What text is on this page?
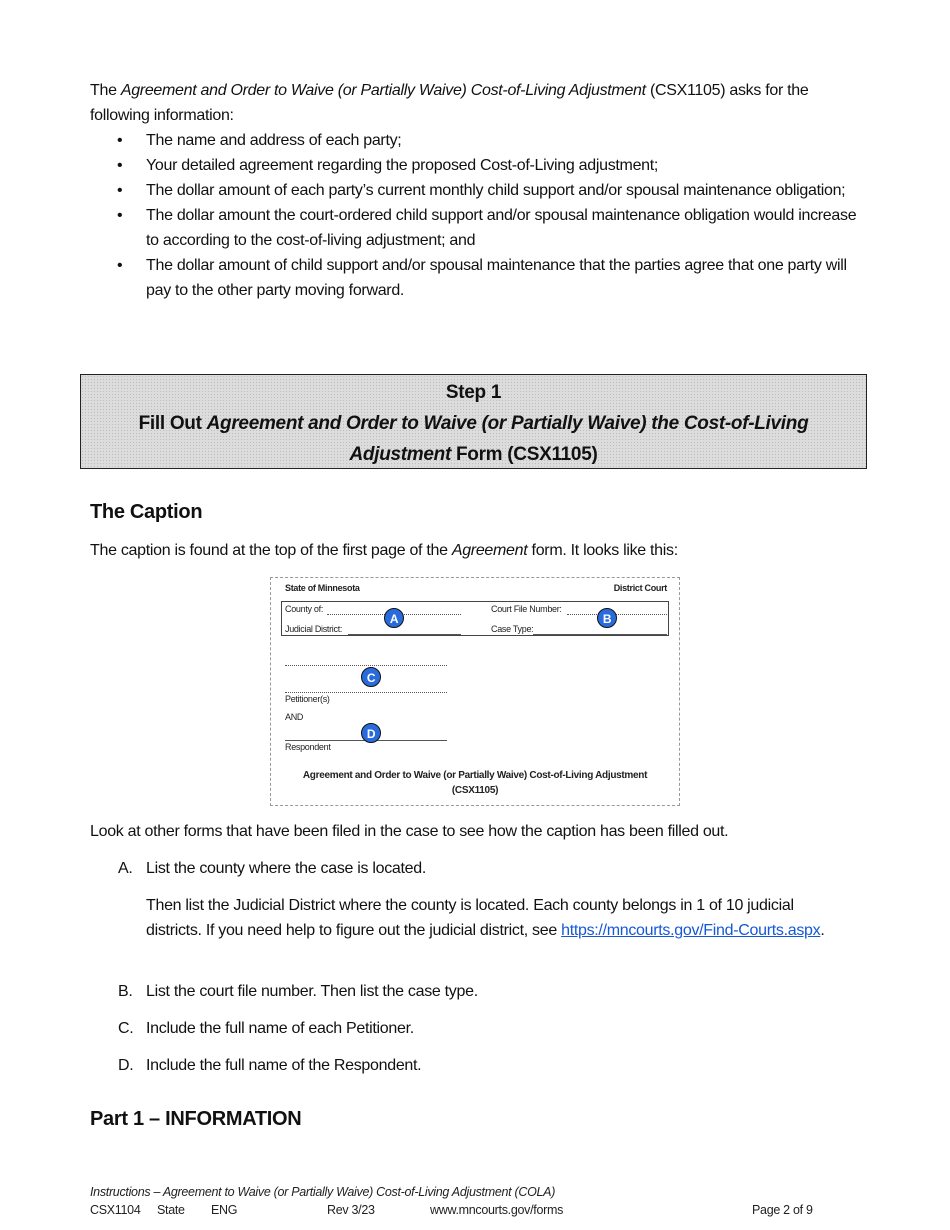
The Agreement and Order to Waive (or Partially Waive) Cost-of-Living Adjustment (CSX1105) asks for the following information:
• The name and address of each party;
• Your detailed agreement regarding the proposed Cost-of-Living adjustment;
• The dollar amount of each party’s current monthly child support and/or spousal maintenance obligation;
• The dollar amount the court-ordered child support and/or spousal maintenance obligation would increase to according to the cost-of-living adjustment; and
• The dollar amount of child support and/or spousal maintenance that the parties agree that one party will pay to the other party moving forward.
Step 1
Fill Out Agreement and Order to Waive (or Partially Waive) the Cost-of-Living Adjustment Form (CSX1105)
The Caption
The caption is found at the top of the first page of the Agreement form. It looks like this:
State of Minnesota	District Court
County of:
Judicial District:
Court File Number:
Case Type:
Petitioner(s)
AND
Respondent
Agreement and Order to Waive (or Partially Waive) Cost-of-Living Adjustment
(CSX1105)
A	B
C
D
Look at other forms that have been filed in the case to see how the caption has been filled out.
A. List the county where the case is located.
Then list the Judicial District where the county is located. Each county belongs in 1 of 10 judicial districts. If you need help to figure out the judicial district, see https://mncourts.gov/Find-Courts.aspx.
B. List the court file number. Then list the case type.
C. Include the full name of each Petitioner.
D. Include the full name of the Respondent.
Part 1 – INFORMATION
Instructions – Agreement to Waive (or Partially Waive) Cost-of-Living Adjustment (COLA)
CSX1104 State ENG	Rev 3/23	www.mncourts.gov/forms	Page 2 of 9
